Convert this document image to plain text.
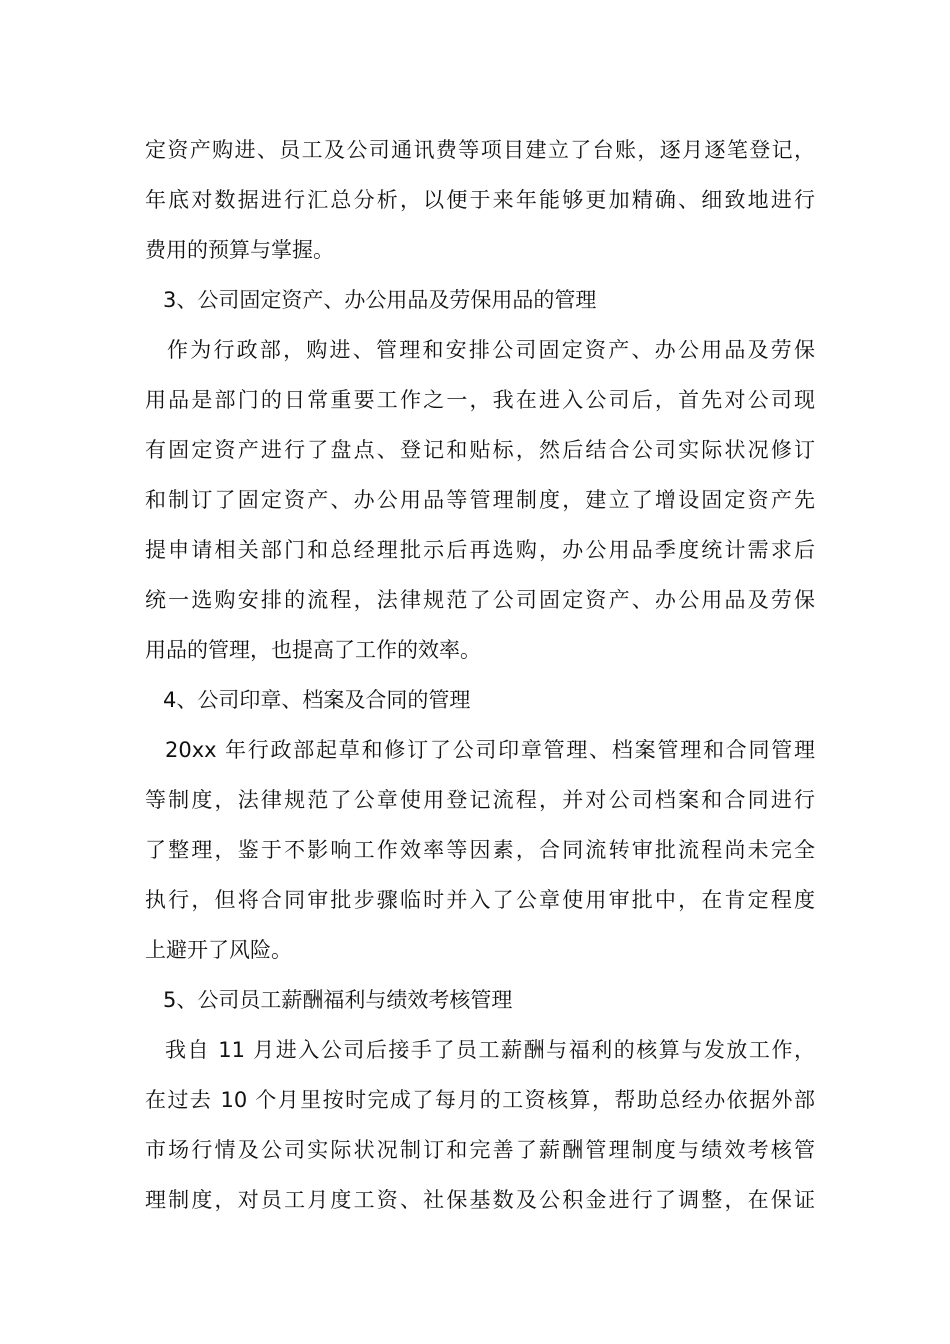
定资产购进、员工及公司通讯费等项目建立了台账，逐月逐笔登记，
年底对数据进行汇总分析，以便于来年能够更加精确、细致地进行
费用的预算与掌握。
3、公司固定资产、办公用品及劳保用品的管理
作为行政部，购进、管理和安排公司固定资产、办公用品及劳保
用品是部门的日常重要工作之一，我在进入公司后，首先对公司现
有固定资产进行了盘点、登记和贴标，然后结合公司实际状况修订
和制订了固定资产、办公用品等管理制度，建立了增设固定资产先
提申请相关部门和总经理批示后再选购，办公用品季度统计需求后
统一选购安排的流程，法律规范了公司固定资产、办公用品及劳保
用品的管理，也提高了工作的效率。
4、公司印章、档案及合同的管理
20xx 年行政部起草和修订了公司印章管理、档案管理和合同管理
等制度，法律规范了公章使用登记流程，并对公司档案和合同进行
了整理，鉴于不影响工作效率等因素，合同流转审批流程尚未完全
执行，但将合同审批步骤临时并入了公章使用审批中，在肯定程度
上避开了风险。
5、公司员工薪酬福利与绩效考核管理
我自 11 月进入公司后接手了员工薪酬与福利的核算与发放工作，
在过去 10 个月里按时完成了每月的工资核算，帮助总经办依据外部
市场行情及公司实际状况制订和完善了薪酬管理制度与绩效考核管
理制度，对员工月度工资、社保基数及公积金进行了调整，在保证
